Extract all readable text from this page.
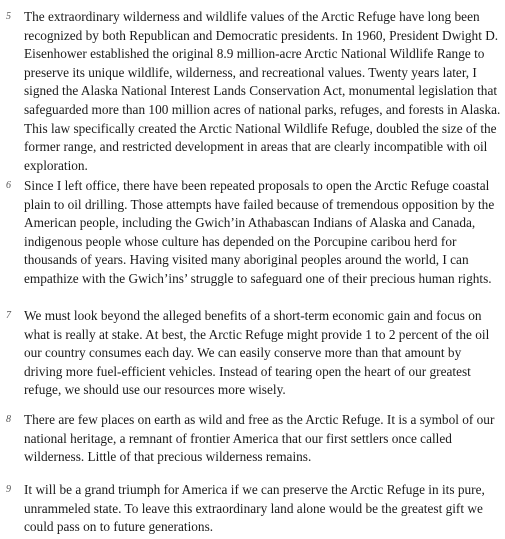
5 The extraordinary wilderness and wildlife values of the Arctic Refuge have long been recognized by both Republican and Democratic presidents. In 1960, President Dwight D. Eisenhower established the original 8.9 million-acre Arctic National Wildlife Range to preserve its unique wildlife, wilderness, and recreational values. Twenty years later, I signed the Alaska National Interest Lands Conservation Act, monumental legislation that safeguarded more than 100 million acres of national parks, refuges, and forests in Alaska. This law specifically created the Arctic National Wildlife Refuge, doubled the size of the former range, and restricted development in areas that are clearly incompatible with oil exploration.

6 Since I left office, there have been repeated proposals to open the Arctic Refuge coastal plain to oil drilling. Those attempts have failed because of tremendous opposition by the American people, including the Gwich’in Athabascan Indians of Alaska and Canada, indigenous people whose culture has depended on the Porcupine caribou herd for thousands of years. Having visited many aboriginal peoples around the world, I can empathize with the Gwich’ins’ struggle to safeguard one of their precious human rights.

7 We must look beyond the alleged benefits of a short-term economic gain and focus on what is really at stake. At best, the Arctic Refuge might provide 1 to 2 percent of the oil our country consumes each day. We can easily conserve more than that amount by driving more fuel-efficient vehicles. Instead of tearing open the heart of our greatest refuge, we should use our resources more wisely.

8 There are few places on earth as wild and free as the Arctic Refuge. It is a symbol of our national heritage, a remnant of frontier America that our first settlers once called wilderness. Little of that precious wilderness remains.

9 It will be a grand triumph for America if we can preserve the Arctic Refuge in its pure, unrammeled state. To leave this extraordinary land alone would be the greatest gift we could pass on to future generations.
